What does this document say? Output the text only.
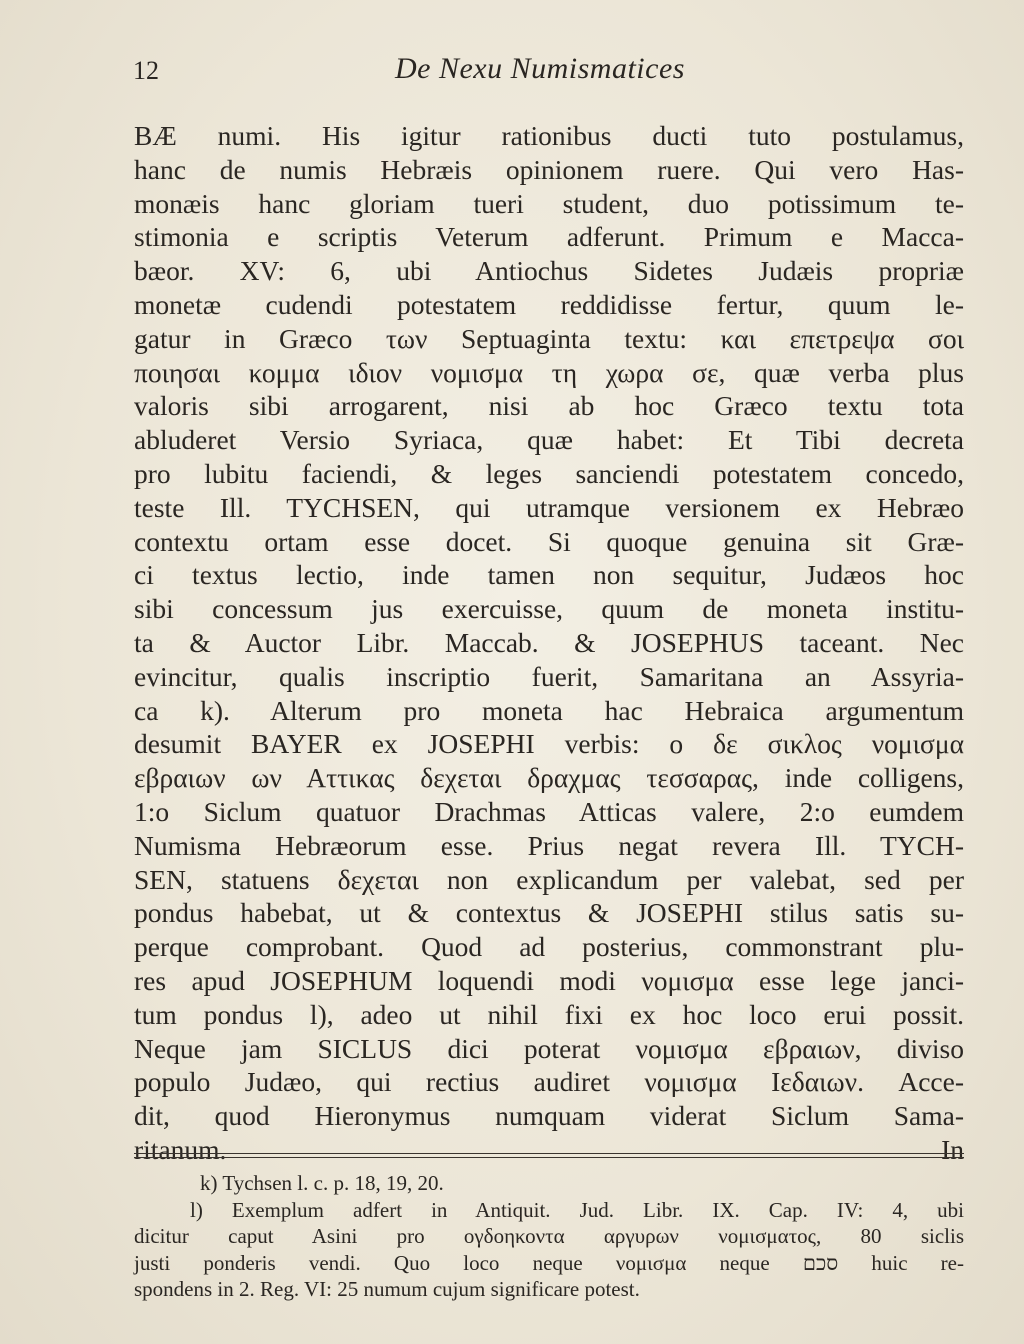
12	De Nexu Numismatices
BÆ numi. His igitur rationibus ducti tuto postulamus,
hanc de numis Hebræis opinionem ruere. Qui vero Has-
monæis hanc gloriam tueri student, duo potissimum te-
stimonia e scriptis Veterum adferunt. Primum e Macca-
bæor. XV: 6, ubi Antiochus Sidetes Judæis propriæ
monetæ cudendi potestatem reddidisse fertur, quum le-
gatur in Græco των Septuaginta textu: και επετρεψα σοι
ποιησαι κομμα ιδιον νομισμα τη χωρα σε, quæ verba plus
valoris sibi arrogarent, nisi ab hoc Græco textu tota
abluderet Versio Syriaca, quæ habet: Et Tibi decreta
pro lubitu faciendi, & leges sanciendi potestatem concedo,
teste Ill. TYCHSEN, qui utramque versionem ex Hebræo
contextu ortam esse docet. Si quoque genuina sit Græ-
ci textus lectio, inde tamen non sequitur, Judæos hoc
sibi concessum jus exercuisse, quum de moneta institu-
ta & Auctor Libr. Maccab. & JOSEPHUS taceant. Nec
evincitur, qualis inscriptio fuerit, Samaritana an Assyria-
ca k). Alterum pro moneta hac Hebraica argumentum
desumit BAYER ex JOSEPHI verbis: ο δε σικλος νομισμα
εβραιων ων Αττικας δεχεται δραχμας τεσσαρας, inde colligens,
1:o Siclum quatuor Drachmas Atticas valere, 2:o eumdem
Numisma Hebræorum esse. Prius negat revera Ill. TYCH-
SEN, statuens δεχεται non explicandum per valebat, sed per
pondus habebat, ut & contextus & JOSEPHI stilus satis su-
perque comprobant. Quod ad posterius, commonstrant plu-
res apud JOSEPHUM loquendi modi νομισμα esse lege janci-
tum pondus l), adeo ut nihil fixi ex hoc loco erui possit.
Neque jam SICLUS dici poterat νομισμα εβραιων, diviso
populo Judæo, qui rectius audiret νομισμα Ιεδαιων. Acce-
dit, quod Hieronymus numquam viderat Siclum Sama-
ritanum. In
k) Tychsen l. c. p. 18, 19, 20.
l) Exemplum adfert in Antiquit. Jud. Libr. IX. Cap. IV: 4, ubi
dicitur caput Asini pro ογδοηκοντα αργυρων νομισματος, 80 siclis
justi ponderis vendi. Quo loco neque νομισμα neque סכם huic re-
spondens in 2. Reg. VI: 25 numum cujum significare potest.
